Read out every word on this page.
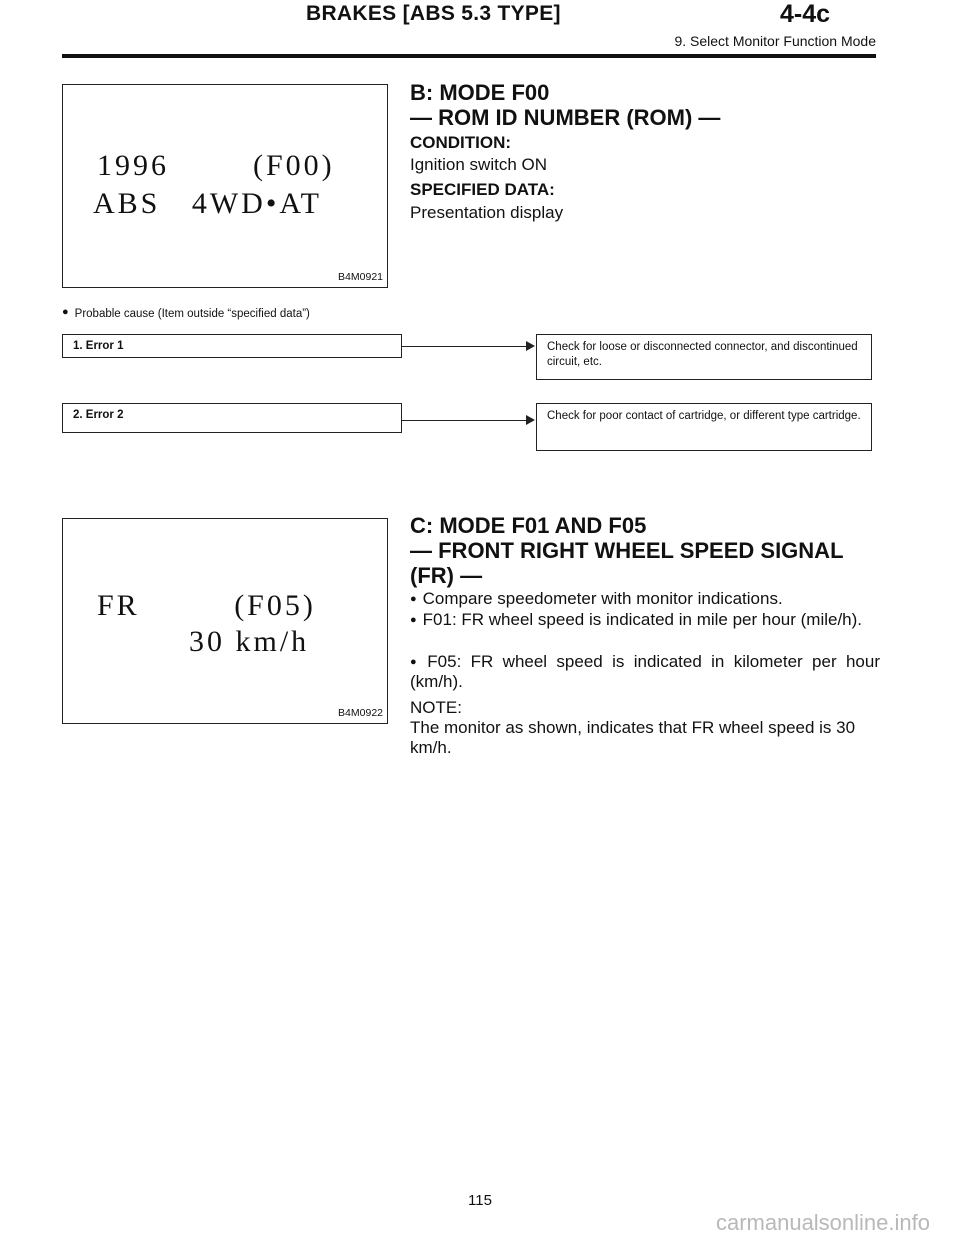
BRAKES [ABS 5.3 TYPE]	4-4c
9. Select Monitor Function Mode
1996        (F00)
ABS   4WD•AT
B4M0921
B: MODE F00
— ROM ID NUMBER (ROM) —
CONDITION:
Ignition switch ON
SPECIFIED DATA:
Presentation display
● Probable cause (Item outside “specified data”)
1. Error 1	Check for loose or disconnected connector, and discontinued circuit, etc.
2. Error 2	Check for poor contact of cartridge, or different type cartridge.
FR         (F05)
30 km/h
B4M0922
C: MODE F01 AND F05
— FRONT RIGHT WHEEL SPEED SIGNAL
(FR) —
● Compare speedometer with monitor indications.
● F01: FR wheel speed is indicated in mile per hour (mile/h).
● F05: FR wheel speed is indicated in kilometer per hour (km/h).
NOTE:
The monitor as shown, indicates that FR wheel speed is 30 km/h.
115
carmanualsonline.info
